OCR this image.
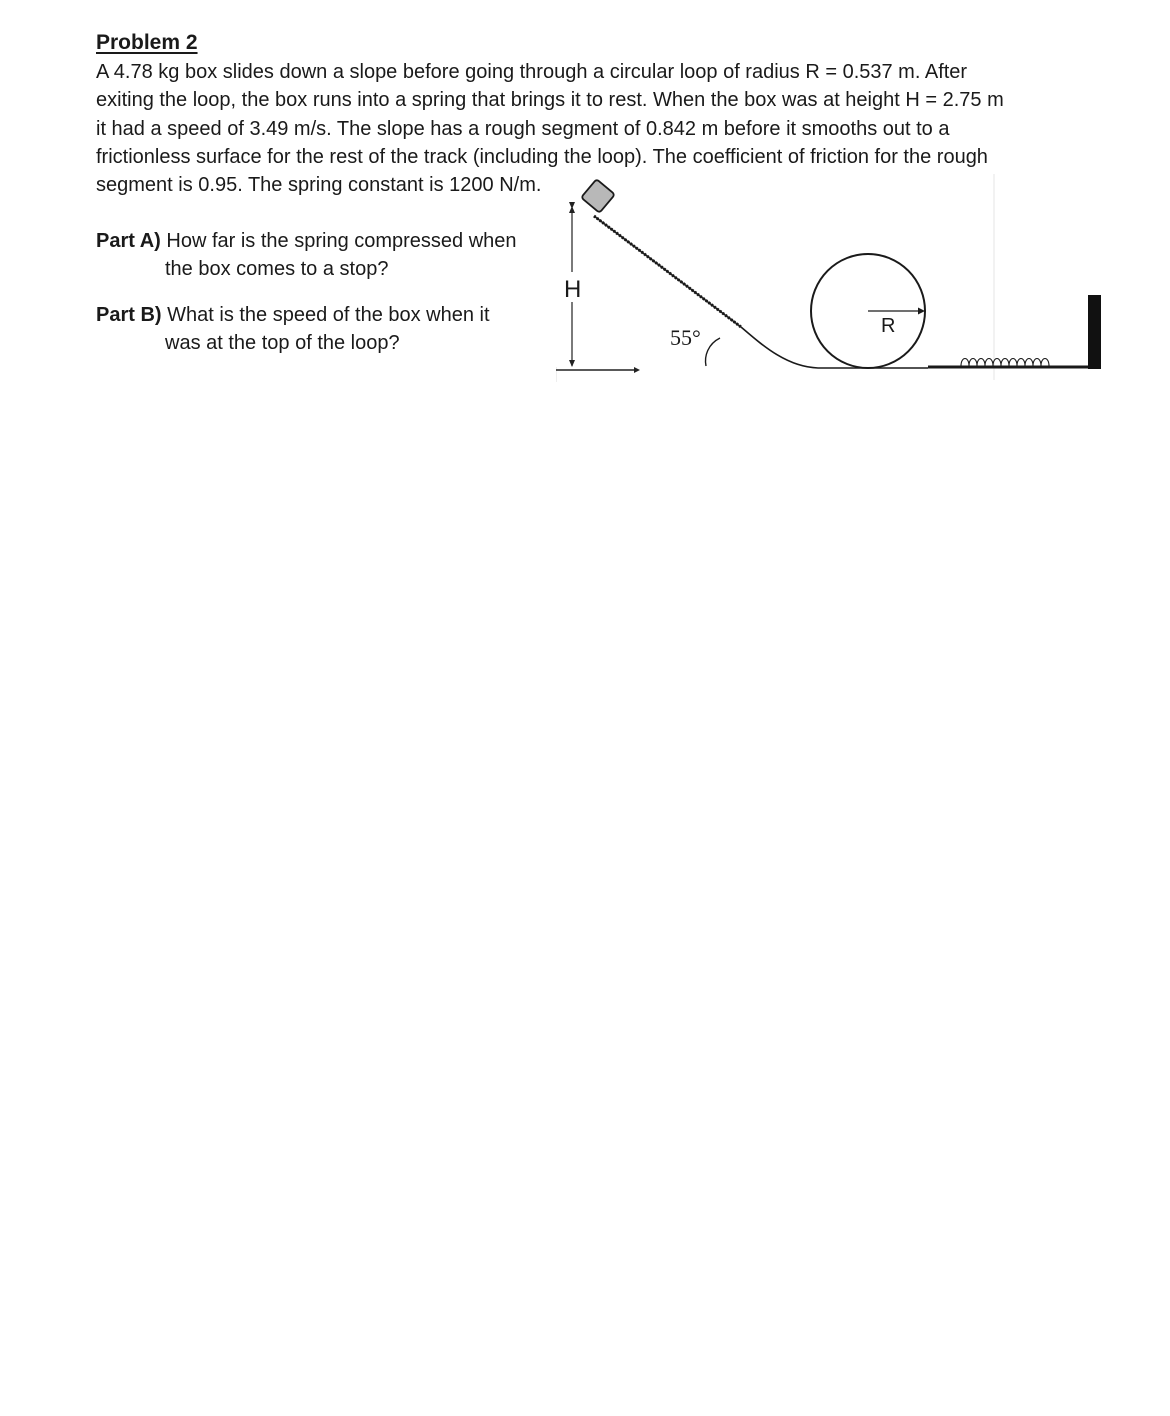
Problem 2

A 4.78 kg box slides down a slope before going through a circular loop of radius R = 0.537 m. After
exiting the loop, the box runs into a spring that brings it to rest. When the box was at height H = 2.75 m
it had a speed of 3.49 m/s. The slope has a rough segment of 0.842 m before it smooths out to a
frictionless surface for the rest of the track (including the loop). The coefficient of friction for the rough
segment is 0.95. The spring constant is 1200 N/m.

Part A) How far is the spring compressed when
the box comes to a stop?

Part B) What is the speed of the box when it
was at the top of the loop?

H
55°	R
